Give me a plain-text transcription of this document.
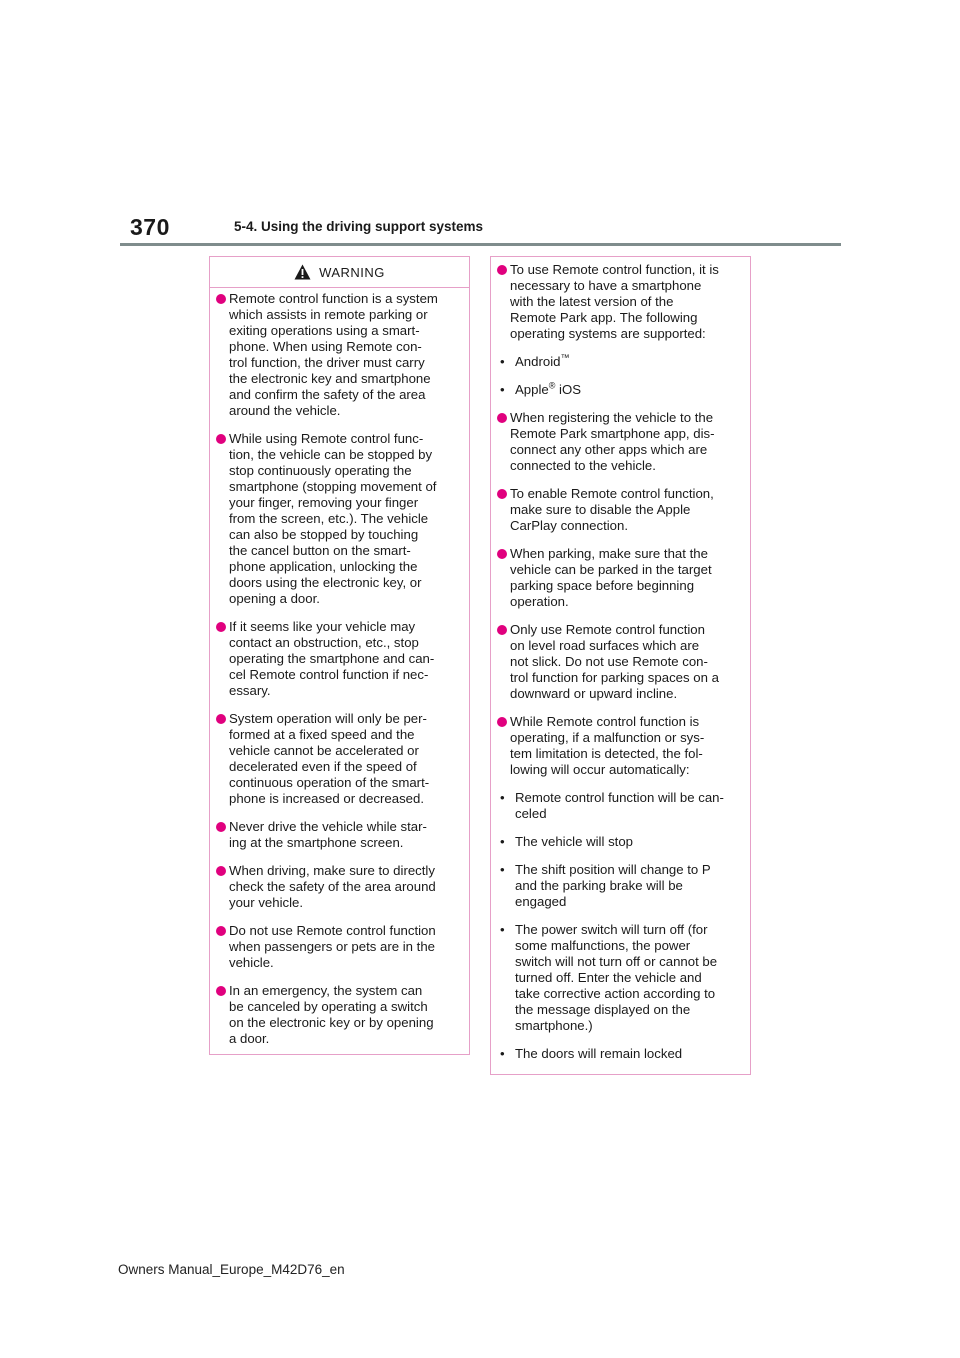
370	5-4. Using the driving support systems
WARNING
Remote control function is a system
which assists in remote parking or
exiting operations using a smart-
phone. When using Remote con-
trol function, the driver must carry
the electronic key and smartphone
and confirm the safety of the area
around the vehicle.
While using Remote control func-
tion, the vehicle can be stopped by
stop continuously operating the
smartphone (stopping movement of
your finger, removing your finger
from the screen, etc.). The vehicle
can also be stopped by touching
the cancel button on the smart-
phone application, unlocking the
doors using the electronic key, or
opening a door.
If it seems like your vehicle may
contact an obstruction, etc., stop
operating the smartphone and can-
cel Remote control function if nec-
essary.
System operation will only be per-
formed at a fixed speed and the
vehicle cannot be accelerated or
decelerated even if the speed of
continuous operation of the smart-
phone is increased or decreased.
Never drive the vehicle while star-
ing at the smartphone screen.
When driving, make sure to directly
check the safety of the area around
your vehicle.
Do not use Remote control function
when passengers or pets are in the
vehicle.
In an emergency, the system can
be canceled by operating a switch
on the electronic key or by opening
a door.
To use Remote control function, it is
necessary to have a smartphone
with the latest version of the
Remote Park app. The following
operating systems are supported:
• Android™
• Apple® iOS
When registering the vehicle to the
Remote Park smartphone app, dis-
connect any other apps which are
connected to the vehicle.
To enable Remote control function,
make sure to disable the Apple
CarPlay connection.
When parking, make sure that the
vehicle can be parked in the target
parking space before beginning
operation.
Only use Remote control function
on level road surfaces which are
not slick. Do not use Remote con-
trol function for parking spaces on a
downward or upward incline.
While Remote control function is
operating, if a malfunction or sys-
tem limitation is detected, the fol-
lowing will occur automatically:
• Remote control function will be can-
celed
• The vehicle will stop
• The shift position will change to P
and the parking brake will be
engaged
• The power switch will turn off (for
some malfunctions, the power
switch will not turn off or cannot be
turned off. Enter the vehicle and
take corrective action according to
the message displayed on the
smartphone.)
• The doors will remain locked
Owners Manual_Europe_M42D76_en
